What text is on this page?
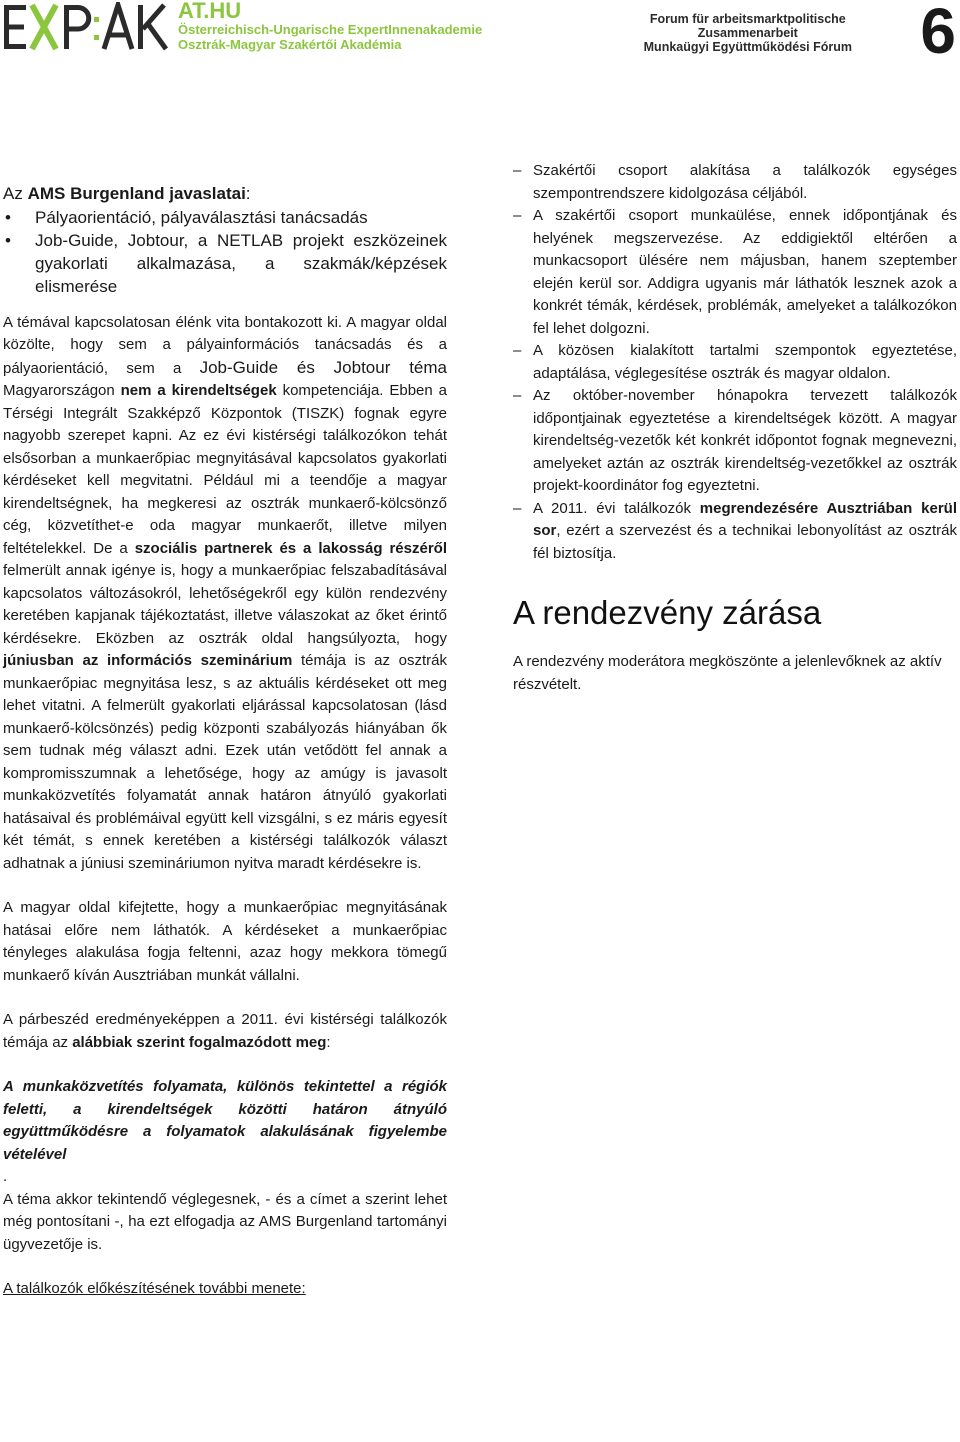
AT.HU
Österreichisch-Ungarische ExpertInnenakademie
Osztrák-Magyar Szakértői Akadémia
Forum für arbeitsmarktpolitische
Zusammenarbeit
Munkaügyi Együttműködési Fórum 6

Az AMS Burgenland javaslatai:

• Pályaorientáció, pályaválasztási tanácsadás
• Job-Guide, Jobtour, a NETLAB projekt eszközeinek gyakorlati alkalmazása, a szakmák/képzések elismerése

A témával kapcsolatosan élénk vita bontakozott ki. A magyar oldal közölte, hogy sem a pályainformációs tanácsadás és a pályaorientáció, sem a Job-Guide és Jobtour téma Magyarországon nem a kirendeltségek kompetenciája. Ebben a Térségi Integrált Szakképző Központok (TISZK) fognak egyre nagyobb szerepet kapni. Az ez évi kistérségi találkozókon tehát elsősorban a munkaerőpiac megnyitásával kapcsolatos gyakorlati kérdéseket kell megvitatni. Például mi a teendője a magyar kirendeltségnek, ha megkeresi az osztrák munkaerő-kölcsönző cég, közvetíthet-e oda magyar munkaerőt, illetve milyen feltételekkel. De a szociális partnerek és a lakosság részéről felmerült annak igénye is, hogy a munkaerőpiac felszabadításával kapcsolatos változásokról, lehetőségekről egy külön rendezvény keretében kapjanak tájékoztatást, illetve válaszokat az őket érintő kérdésekre. Eközben az osztrák oldal hangsúlyozta, hogy júniusban az információs szeminárium témája is az osztrák munkaerőpiac megnyitása lesz, s az aktuális kérdéseket ott meg lehet vitatni. A felmerült gyakorlati eljárással kapcsolatosan (lásd munkaerő-kölcsönzés) pedig központi szabályozás hiányában ők sem tudnak még választ adni. Ezek után vetődött fel annak a kompromisszumnak a lehetősége, hogy az amúgy is javasolt munkaközvetítés folyamatát annak határon átnyúló gyakorlati hatásaival és problémáival együtt kell vizsgálni, s ez máris egyesít két témát, s ennek keretében a kistérségi találkozók választ adhatnak a júniusi szemináriumon nyitva maradt kérdésekre is.

A magyar oldal kifejtette, hogy a munkaerőpiac megnyitásának hatásai előre nem láthatók. A kérdéseket a munkaerőpiac tényleges alakulása fogja feltenni, azaz hogy mekkora tömegű munkaerő kíván Ausztriában munkát vállalni.

A párbeszéd eredményeképpen a 2011. évi kistérségi találkozók témája az alábbiak szerint fogalmazódott meg:

A munkaközvetítés folyamata, különös tekintettel a régiók feletti, a kirendeltségek közötti határon átnyúló együttműködésre a folyamatok alakulásának figyelembe vételével

.

A téma akkor tekintendő véglegesnek, - és a címet a szerint lehet még pontosítani -, ha ezt elfogadja az AMS Burgenland tartományi ügyvezetője is.

A találkozók előkészítésének további menete:

– Szakértői csoport alakítása a találkozók egységes szempontrendszere kidolgozása céljából.
– A szakértői csoport munkaülése, ennek időpontjának és helyének megszervezése. Az eddigiektől eltérően a munkacsoport ülésére nem májusban, hanem szeptember elején kerül sor. Addigra ugyanis már láthatók lesznek azok a konkrét témák, kérdések, problémák, amelyeket a találkozókon fel lehet dolgozni.
– A közösen kialakított tartalmi szempontok egyeztetése, adaptálása, véglegesítése osztrák és magyar oldalon.
– Az október-november hónapokra tervezett találkozók időpontjainak egyeztetése a kirendeltségek között. A magyar kirendeltség-vezetők két konkrét időpontot fognak megnevezni, amelyeket aztán az osztrák kirendeltség-vezetőkkel az osztrák projekt-koordinátor fog egyeztetni.
– A 2011. évi találkozók megrendezésére Ausztriában kerül sor, ezért a szervezést és a technikai lebonyolítást az osztrák fél biztosítja.
A rendezvény zárása

A rendezvény moderátora megköszönte a jelenlevőknek az aktív részvételt.
